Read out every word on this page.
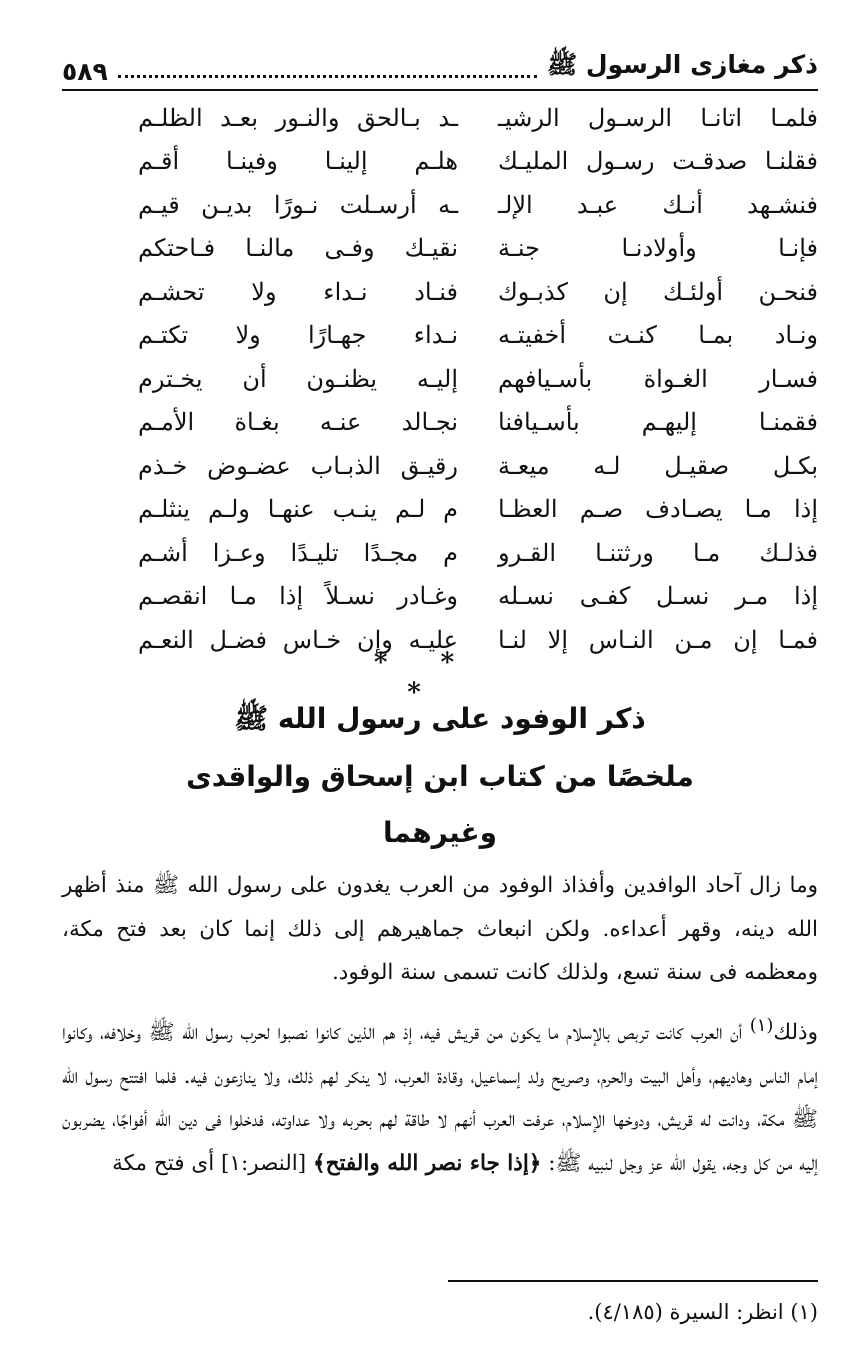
ذكر مغازى الرسول ﷺ
٥٨٩
فلمـا اتانـا الرسـول الرشيـ
ـد بـالحق والنـور بعـد الظلـم
فقلنـا صدقـت رسـول المليـك
هلـم إلينـا وفينـا أقـم
فنشـهد أنـك عبـد الإلـ
ـه أرسـلت نـورًا بديـن قيـم
فإنـا وأولادنـا جنـة
نقيـك وفـى مالنـا فـاحتكم
فنحـن أولئـك إن كذبـوك
فنـاد نـداء ولا تحشـم
ونـاد بمـا كنـت أخفيتـه
نـداء جهـارًا ولا تكتـم
فسـار الغـواة بأسـيافهم
إليـه يظنـون أن يخـترم
فقمنـا إليهـم بأسـيافنا
نجـالد عنـه بغـاة الأمـم
بكـل صقيـل لـه ميعـة
رقيـق الذبـاب عضـوض خـذم
إذا مـا يصـادف صـم العظـا
م لـم ينـب عنهـا ولـم ينثلـم
فذلـك مـا ورثتنـا القـرو
م مجـدًا تليـدًا وعـزا أشـم
إذا مـر نسـل كفـى نسـله
وغـادر نسـلاً إذا مـا انقصـم
فمـا إن مـن النـاس إلا لنـا
عليـه وإن خـاس فضـل النعـم
* * *
ذكر الوفود على رسول الله ﷺ
ملخصًا من كتاب ابن إسحاق والواقدى
وغيرهما
وما زال آحاد الوافدين وأفذاذ الوفود من العرب يغدون على رسول الله ﷺ منذ أظهر الله دينه، وقهر أعداءه. ولكن انبعاث جماهيرهم إلى ذلك إنما كان بعد فتح مكة، ومعظمه فى سنة تسع، ولذلك كانت تسمى سنة الوفود.
وذلك$^{(١)}$ أن العرب كانت تربص بالإسلام ما يكون من قريش فيه، إذ هم الذين كانوا نصبوا لحرب رسول الله ﷺ وخلافه، وكانوا إمام الناس وهاديهم، وأهل البيت والحرم، وصريح ولد إسماعيل، وقادة العرب، لا ينكر لهم ذلك، ولا ينازعون فيه. فلما افتتح رسول الله ﷺ مكة، ودانت له قريش، ودوخها الإسلام، عرفت العرب أنهم لا طاقة لهم بحربه ولا عداوته، فدخلوا فى دين الله أفواجًا، يضربون إليه من كل وجه، يقول الله عز وجل لنبيه ﷺ: ﴿إذا جاء نصر الله والفتح﴾ [النصر:١] أى فتح مكة
(١) انظر: السيرة (٤/١٨٥).
